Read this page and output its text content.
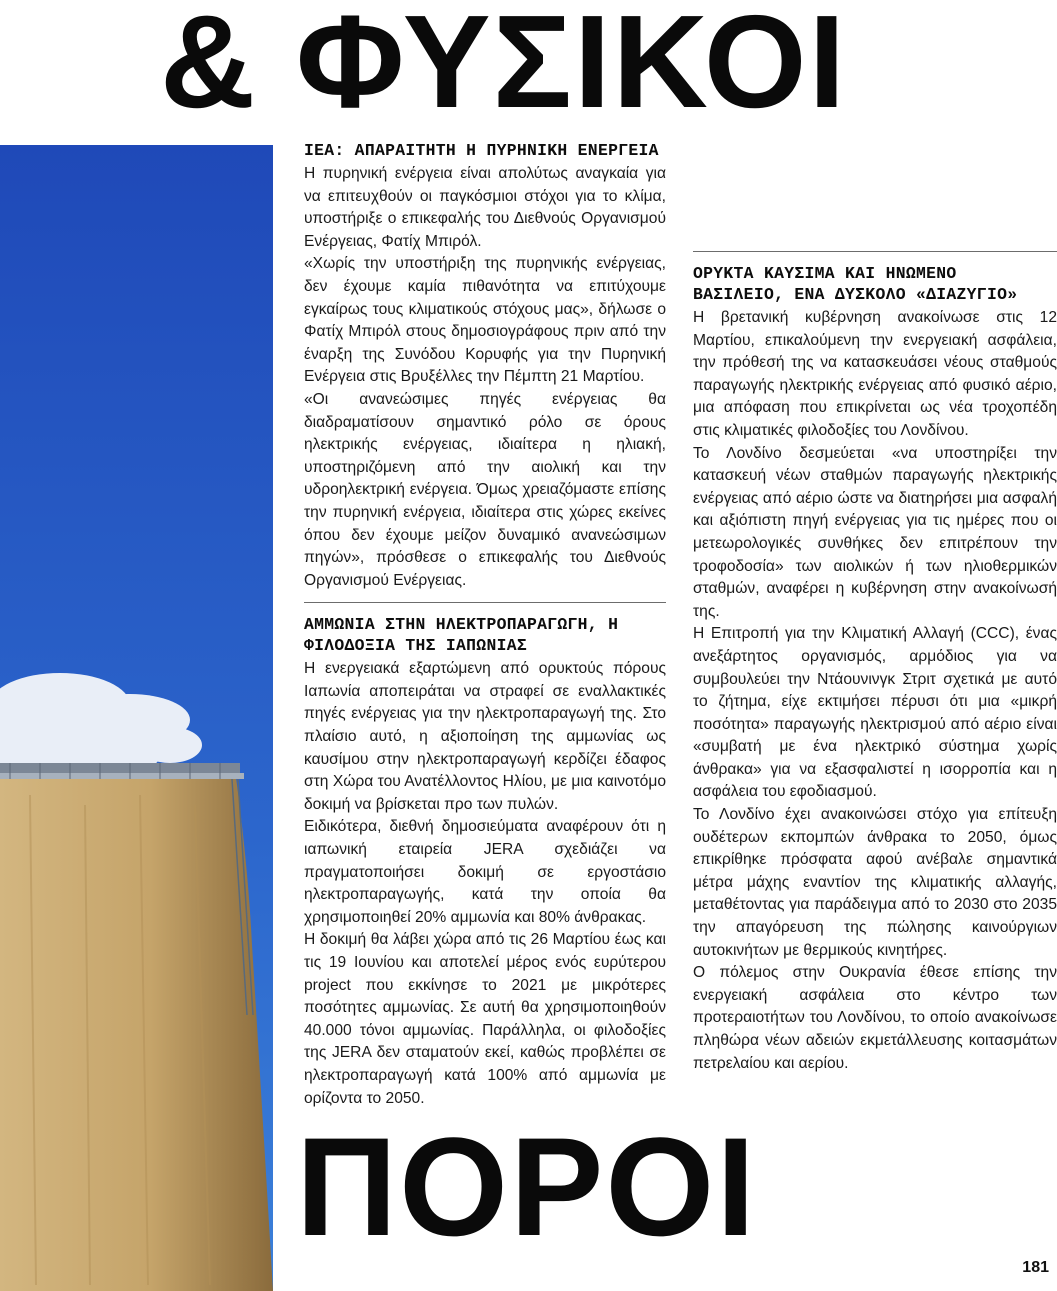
& ΦΥΣΙΚΟΙ
IEA: ΑΠΑΡΑΙΤΗΤΗ Η ΠΥΡΗΝΙΚΗ ΕΝΕΡΓΕΙΑ

Η πυρηνική ενέργεια είναι απολύτως αναγκαία για να επιτευχθούν οι παγκόσμιοι στόχοι για το κλίμα, υποστήριξε ο επικεφαλής του Διεθνούς Οργανισμού Ενέργειας, Φατίχ Μπιρόλ.

«Χωρίς την υποστήριξη της πυρηνικής ενέργειας, δεν έχουμε καμία πιθανότητα να επιτύχουμε εγκαίρως τους κλιματικούς στόχους μας», δήλωσε ο Φατίχ Μπιρόλ στους δημοσιογράφους πριν από την έναρξη της Συνόδου Κορυφής για την Πυρηνική Ενέργεια στις Βρυξέλλες την Πέμπτη 21 Μαρτίου.

«Οι ανανεώσιμες πηγές ενέργειας θα διαδραματίσουν σημαντικό ρόλο σε όρους ηλεκτρικής ενέργειας, ιδιαίτερα η ηλιακή, υποστηριζόμενη από την αιολική και την υδροηλεκτρική ενέργεια. Όμως χρειαζόμαστε επίσης την πυρηνική ενέργεια, ιδιαίτερα στις χώρες εκείνες όπου δεν έχουμε μείζον δυναμικό ανανεώσιμων πηγών», πρόσθεσε ο επικεφαλής του Διεθνούς Οργανισμού Ενέργειας.

ΑΜΜΩΝΙΑ ΣΤΗΝ ΗΛΕΚΤΡΟΠΑΡΑΓΩΓΗ, Η ΦΙΛΟΔΟΞΙΑ ΤΗΣ ΙΑΠΩΝΙΑΣ

Η ενεργειακά εξαρτώμενη από ορυκτούς πόρους Ιαπωνία αποπειράται να στραφεί σε εναλλακτικές πηγές ενέργειας για την ηλεκτροπαραγωγή της. Στο πλαίσιο αυτό, η αξιοποίηση της αμμωνίας ως καυσίμου στην ηλεκτροπαραγωγή κερδίζει έδαφος στη Χώρα του Ανατέλλοντος Ηλίου, με μια καινοτόμο δοκιμή να βρίσκεται προ των πυλών.

Ειδικότερα, διεθνή δημοσιεύματα αναφέρουν ότι η ιαπωνική εταιρεία JERA σχεδιάζει να πραγματοποιήσει δοκιμή σε εργοστάσιο ηλεκτροπαραγωγής, κατά την οποία θα χρησιμοποιηθεί 20% αμμωνία και 80% άνθρακας.

Η δοκιμή θα λάβει χώρα από τις 26 Μαρτίου έως και τις 19 Ιουνίου και αποτελεί μέρος ενός ευρύτερου project που εκκίνησε το 2021 με μικρότερες ποσότητες αμμωνίας. Σε αυτή θα χρησιμοποιηθούν 40.000 τόνοι αμμωνίας. Παράλληλα, οι φιλοδοξίες της JERA δεν σταματούν εκεί, καθώς προβλέπει σε ηλεκτροπαραγωγή κατά 100% από αμμωνία με ορίζοντα το 2050.

ΟΡΥΚΤΑ ΚΑΥΣΙΜΑ ΚΑΙ ΗΝΩΜΕΝΟ ΒΑΣΙΛΕΙΟ, ΕΝΑ ΔΥΣΚΟΛΟ «ΔΙΑΖΥΓΙΟ»

Η βρετανική κυβέρνηση ανακοίνωσε στις 12 Μαρτίου, επικαλούμενη την ενεργειακή ασφάλεια, την πρόθεσή της να κατασκευάσει νέους σταθμούς παραγωγής ηλεκτρικής ενέργειας από φυσικό αέριο, μια απόφαση που επικρίνεται ως νέα τροχοπέδη στις κλιματικές φιλοδοξίες του Λονδίνου.

Το Λονδίνο δεσμεύεται «να υποστηρίξει την κατασκευή νέων σταθμών παραγωγής ηλεκτρικής ενέργειας από αέριο ώστε να διατηρήσει μια ασφαλή και αξιόπιστη πηγή ενέργειας για τις ημέρες που οι μετεωρολογικές συνθήκες δεν επιτρέπουν την τροφοδοσία» των αιολικών ή των ηλιοθερμικών σταθμών, αναφέρει η κυβέρνηση στην ανακοίνωσή της.

Η Επιτροπή για την Κλιματική Αλλαγή (CCC), ένας ανεξάρτητος οργανισμός, αρμόδιος για να συμβουλεύει την Ντάουνινγκ Στριτ σχετικά με αυτό το ζήτημα, είχε εκτιμήσει πέρυσι ότι μια «μικρή ποσότητα» παραγωγής ηλεκτρισμού από αέριο είναι «συμβατή με ένα ηλεκτρικό σύστημα χωρίς άνθρακα» για να εξασφαλιστεί η ισορροπία και η ασφάλεια του εφοδιασμού.

Το Λονδίνο έχει ανακοινώσει στόχο για επίτευξη ουδέτερων εκπομπών άνθρακα το 2050, όμως επικρίθηκε πρόσφατα αφού ανέβαλε σημαντικά μέτρα μάχης εναντίον της κλιματικής αλλαγής, μεταθέτοντας για παράδειγμα από το 2030 στο 2035 την απαγόρευση της πώλησης καινούργιων αυτοκινήτων με θερμικούς κινητήρες.

Ο πόλεμος στην Ουκρανία έθεσε επίσης την ενεργειακή ασφάλεια στο κέντρο των προτεραιοτήτων του Λονδίνου, το οποίο ανακοίνωσε πληθώρα νέων αδειών εκμετάλλευσης κοιτασμάτων πετρελαίου και αερίου.

ΠΟΡΟΙ
181
